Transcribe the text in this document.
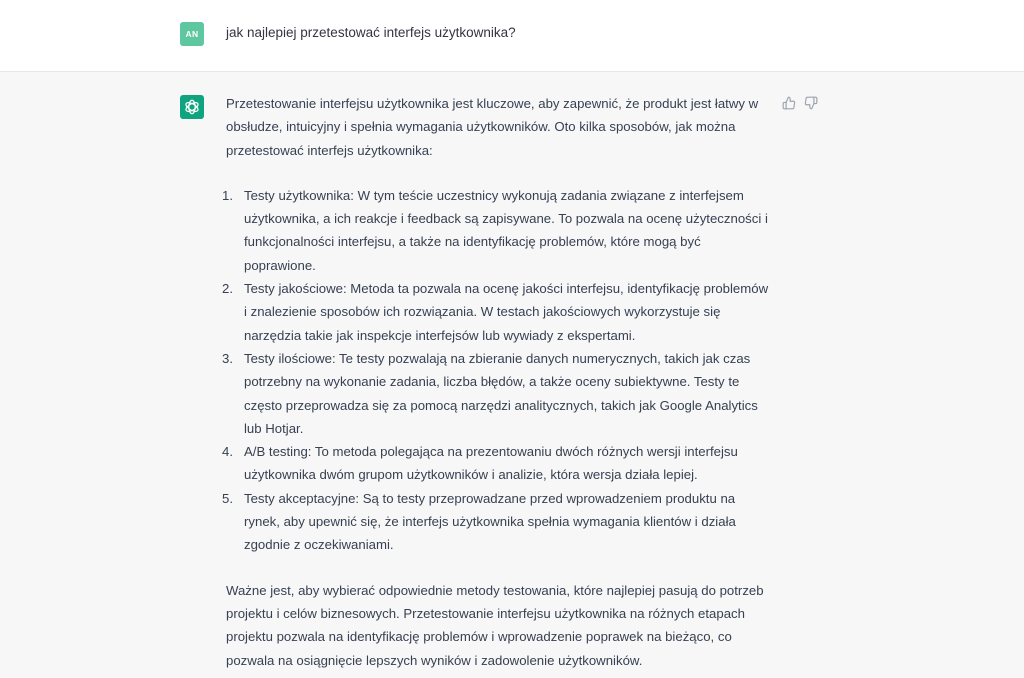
AN	jak najlepiej przetestować interfejs użytkownika?

Przetestowanie interfejsu użytkownika jest kluczowe, aby zapewnić, że produkt jest łatwy w obsłudze, intuicyjny i spełnia wymagania użytkowników. Oto kilka sposobów, jak można przetestować interfejs użytkownika:

1. Testy użytkownika: W tym teście uczestnicy wykonują zadania związane z interfejsem użytkownika, a ich reakcje i feedback są zapisywane. To pozwala na ocenę użyteczności i funkcjonalności interfejsu, a także na identyfikację problemów, które mogą być poprawione.
2. Testy jakościowe: Metoda ta pozwala na ocenę jakości interfejsu, identyfikację problemów i znalezienie sposobów ich rozwiązania. W testach jakościowych wykorzystuje się narzędzia takie jak inspekcje interfejsów lub wywiady z ekspertami.
3. Testy ilościowe: Te testy pozwalają na zbieranie danych numerycznych, takich jak czas potrzebny na wykonanie zadania, liczba błędów, a także oceny subiektywne. Testy te często przeprowadza się za pomocą narzędzi analitycznych, takich jak Google Analytics lub Hotjar.
4. A/B testing: To metoda polegająca na prezentowaniu dwóch różnych wersji interfejsu użytkownika dwóm grupom użytkowników i analizie, która wersja działa lepiej.
5. Testy akceptacyjne: Są to testy przeprowadzane przed wprowadzeniem produktu na rynek, aby upewnić się, że interfejs użytkownika spełnia wymagania klientów i działa zgodnie z oczekiwaniami.

Ważne jest, aby wybierać odpowiednie metody testowania, które najlepiej pasują do potrzeb projektu i celów biznesowych. Przetestowanie interfejsu użytkownika na różnych etapach projektu pozwala na identyfikację problemów i wprowadzenie poprawek na bieżąco, co pozwala na osiągnięcie lepszych wyników i zadowolenie użytkowników.
